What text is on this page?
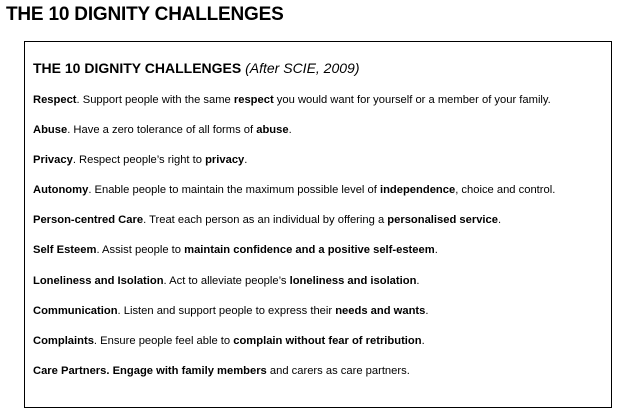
THE 10 DIGNITY CHALLENGES
THE 10 DIGNITY CHALLENGES (After SCIE, 2009)
Respect. Support people with the same respect you would want for yourself or a member of your family.
Abuse. Have a zero tolerance of all forms of abuse.
Privacy. Respect people’s right to privacy.
Autonomy. Enable people to maintain the maximum possible level of independence, choice and control.
Person-centred Care. Treat each person as an individual by offering a personalised service.
Self Esteem. Assist people to maintain confidence and a positive self-esteem.
Loneliness and Isolation. Act to alleviate people’s loneliness and isolation.
Communication. Listen and support people to express their needs and wants.
Complaints. Ensure people feel able to complain without fear of retribution.
Care Partners. Engage with family members and carers as care partners.
